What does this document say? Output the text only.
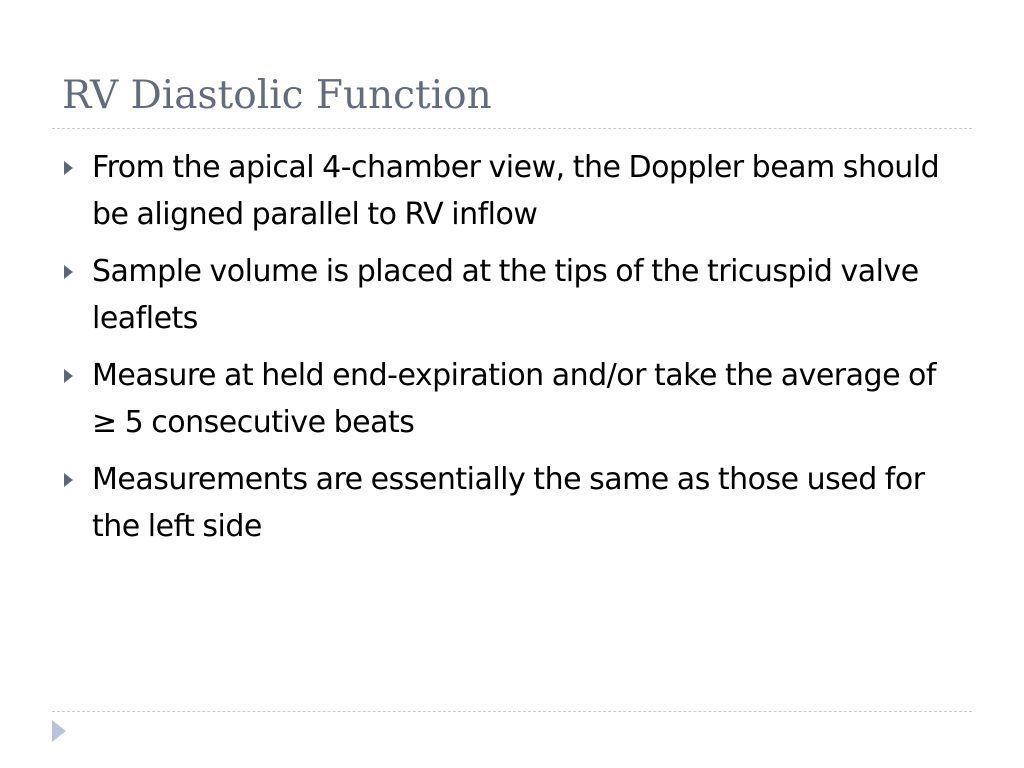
RV Diastolic Function
From the apical 4-chamber view, the Doppler beam should be aligned parallel to RV inflow
Sample volume is placed at the tips of the tricuspid valve leaflets
Measure at held end-expiration and/or take the average of ≥ 5 consecutive beats
Measurements are essentially the same as those used for the left side
